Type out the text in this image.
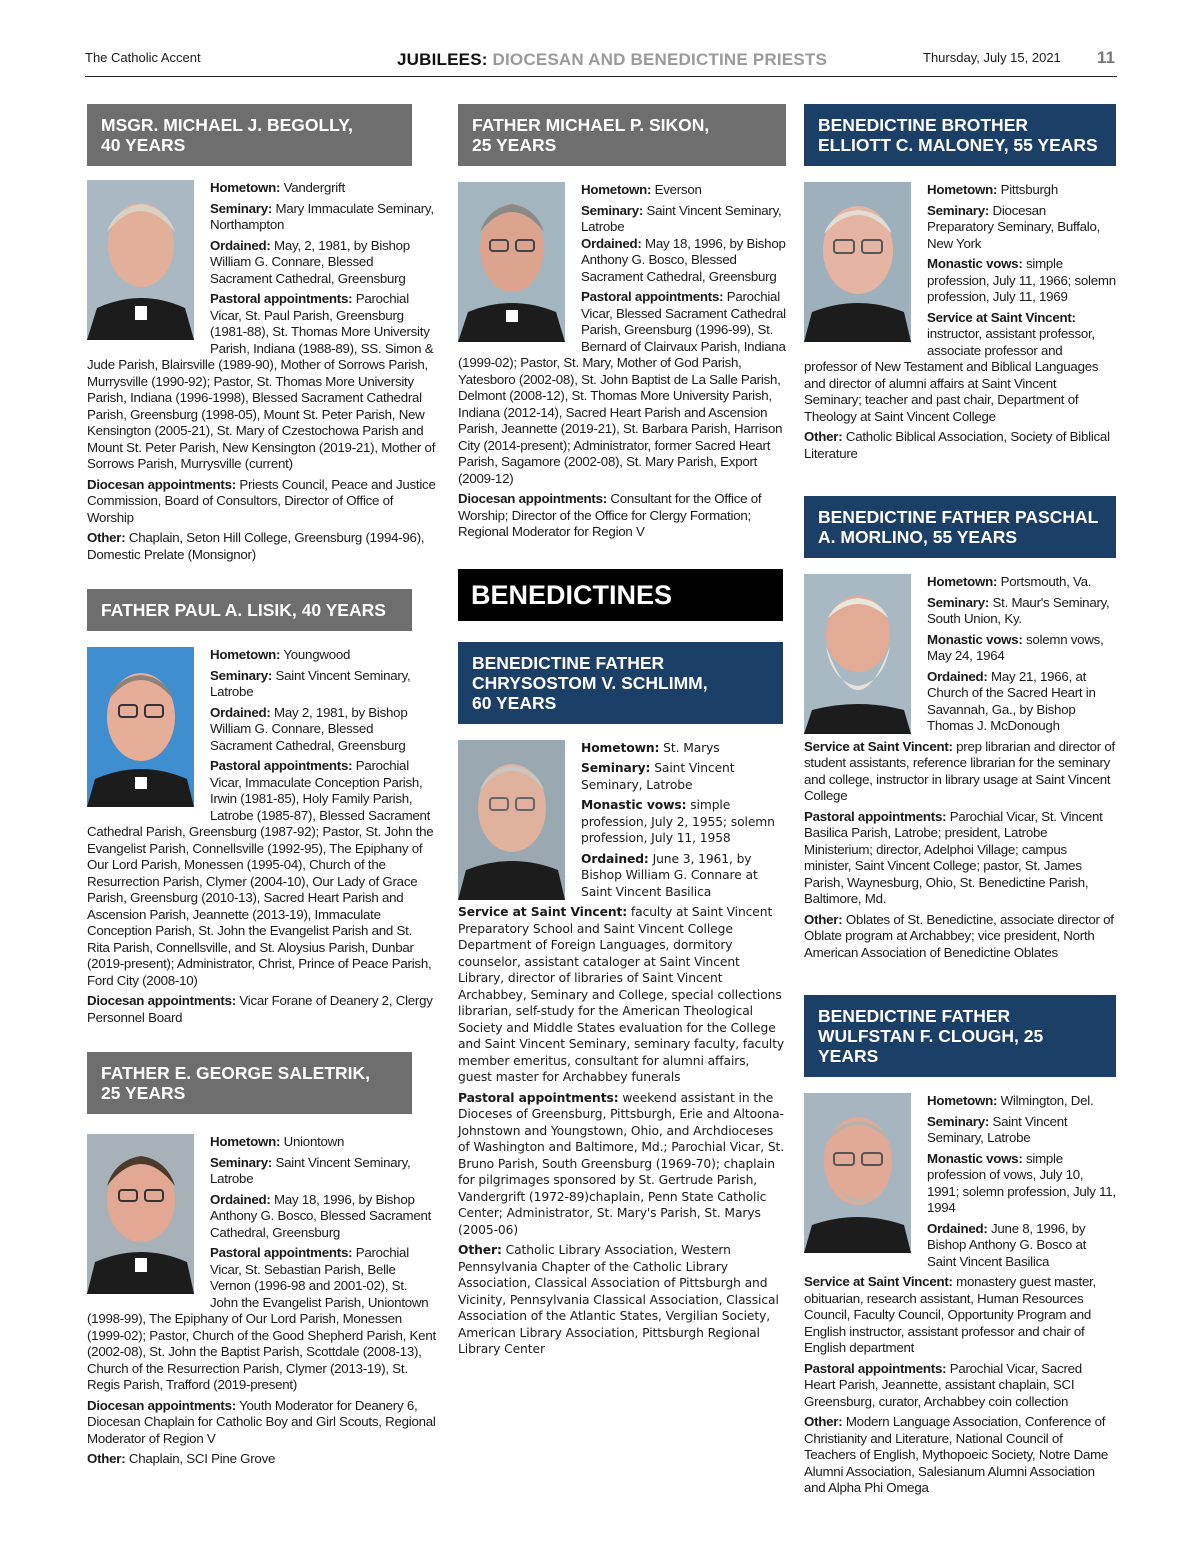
The Catholic Accent	JUBILEES: DIOCESAN AND BENEDICTINE PRIESTS	Thursday, July 15, 2021 11
MSGR. MICHAEL J. BEGOLLY,
40 YEARS

Hometown: Vandergrift

Seminary: Mary Immaculate Seminary, Northampton

Ordained: May, 2, 1981, by Bishop William G. Connare, Blessed Sacrament Cathedral, Greensburg

Pastoral appointments: Parochial Vicar, St. Paul Parish, Greensburg (1981-88), St. Thomas More University Parish, Indiana (1988-89), SS. Simon & Jude Parish, Blairsville (1989-90), Mother of Sorrows Parish, Murrysville (1990-92); Pastor, St. Thomas More University Parish, Indiana (1996-1998), Blessed Sacrament Cathedral Parish, Greensburg (1998-05), Mount St. Peter Parish, New Kensington (2005-21), St. Mary of Czestochowa Parish and Mount St. Peter Parish, New Kensington (2019-21), Mother of Sorrows Parish, Murrysville (current)

Diocesan appointments: Priests Council, Peace and Justice Commission, Board of Consultors, Director of Office of Worship

Other: Chaplain, Seton Hill College, Greensburg (1994-96), Domestic Prelate (Monsignor)

FATHER PAUL A. LISIK, 40 YEARS

Hometown: Youngwood

Seminary: Saint Vincent Seminary, Latrobe

Ordained: May 2, 1981, by Bishop William G. Connare, Blessed Sacrament Cathedral, Greensburg

Pastoral appointments: Parochial Vicar, Immaculate Conception Parish, Irwin (1981-85), Holy Family Parish, Latrobe (1985-87), Blessed Sacrament Cathedral Parish, Greensburg (1987-92); Pastor, St. John the Evangelist Parish, Connellsville (1992-95), The Epiphany of Our Lord Parish, Monessen (1995-04), Church of the Resurrection Parish, Clymer (2004-10), Our Lady of Grace Parish, Greensburg (2010-13), Sacred Heart Parish and Ascension Parish, Jeannette (2013-19), Immaculate Conception Parish, St. John the Evangelist Parish and St. Rita Parish, Connellsville, and St. Aloysius Parish, Dunbar (2019-present); Administrator, Christ, Prince of Peace Parish, Ford City (2008-10)

Diocesan appointments: Vicar Forane of Deanery 2, Clergy Personnel Board

FATHER E. GEORGE SALETRIK,
25 YEARS

Hometown: Uniontown

Seminary: Saint Vincent Seminary, Latrobe

Ordained: May 18, 1996, by Bishop Anthony G. Bosco, Blessed Sacrament Cathedral, Greensburg

Pastoral appointments: Parochial Vicar, St. Sebastian Parish, Belle Vernon (1996-98 and 2001-02), St. John the Evangelist Parish, Uniontown (1998-99), The Epiphany of Our Lord Parish, Monessen (1999-02); Pastor, Church of the Good Shepherd Parish, Kent (2002-08), St. John the Baptist Parish, Scottdale (2008-13), Church of the Resurrection Parish, Clymer (2013-19), St. Regis Parish, Trafford (2019-present)

Diocesan appointments: Youth Moderator for Deanery 6, Diocesan Chaplain for Catholic Boy and Girl Scouts, Regional Moderator of Region V

Other: Chaplain, SCI Pine Grove

FATHER MICHAEL P. SIKON,
25 YEARS

Hometown: Everson

Seminary: Saint Vincent Seminary, Latrobe

Ordained: May 18, 1996, by Bishop Anthony G. Bosco, Blessed Sacrament Cathedral, Greensburg

Pastoral appointments: Parochial Vicar, Blessed Sacrament Cathedral Parish, Greensburg (1996-99), St. Bernard of Clairvaux Parish, Indiana (1999-02); Pastor, St. Mary, Mother of God Parish, Yatesboro (2002-08), St. John Baptist de La Salle Parish, Delmont (2008-12), St. Thomas More University Parish, Indiana (2012-14), Sacred Heart Parish and Ascension Parish, Jeannette (2019-21), St. Barbara Parish, Harrison City (2014-present); Administrator, former Sacred Heart Parish, Sagamore (2002-08), St. Mary Parish, Export (2009-12)

Diocesan appointments: Consultant for the Office of Worship; Director of the Office for Clergy Formation; Regional Moderator for Region V

BENEDICTINES
BENEDICTINE FATHER
CHRYSOSTOM V. SCHLIMM,
60 YEARS

Hometown: St. Marys

Seminary: Saint Vincent Seminary, Latrobe

Monastic vows: simple profession, July 2, 1955; solemn profession, July 11, 1958

Ordained: June 3, 1961, by Bishop William G. Connare at Saint Vincent Basilica

Service at Saint Vincent: faculty at Saint Vincent Preparatory School and Saint Vincent College Department of Foreign Languages, dormitory counselor, assistant cataloger at Saint Vincent Library, director of libraries of Saint Vincent Archabbey, Seminary and College, special collections librarian, self-study for the American Theological Society and Middle States evaluation for the College and Saint Vincent Seminary, seminary faculty, faculty member emeritus, consultant for alumni affairs, guest master for Archabbey funerals

Pastoral appointments: weekend assistant in the Dioceses of Greensburg, Pittsburgh, Erie and Altoona-Johnstown and Youngstown, Ohio, and Archdioceses of Washington and Baltimore, Md.; Parochial Vicar, St. Bruno Parish, South Greensburg (1969-70); chaplain for pilgrimages sponsored by St. Gertrude Parish, Vandergrift (1972-89)chaplain, Penn State Catholic Center; Administrator, St. Mary's Parish, St. Marys (2005-06)

Other: Catholic Library Association, Western Pennsylvania Chapter of the Catholic Library Association, Classical Association of Pittsburgh and Vicinity, Pennsylvania Classical Association, Classical Association of the Atlantic States, Vergilian Society, American Library Association, Pittsburgh Regional Library Center

BENEDICTINE BROTHER
ELLIOTT C. MALONEY, 55 YEARS

Hometown: Pittsburgh

Seminary: Diocesan Preparatory Seminary, Buffalo, New York

Monastic vows: simple profession, July 11, 1966; solemn profession, July 11, 1969

Service at Saint Vincent: instructor, assistant professor, associate professor and professor of New Testament and Biblical Languages and director of alumni affairs at Saint Vincent Seminary; teacher and past chair, Department of Theology at Saint Vincent College

Other: Catholic Biblical Association, Society of Biblical Literature

BENEDICTINE FATHER PASCHAL
A. MORLINO, 55 YEARS

Hometown: Portsmouth, Va.

Seminary: St. Maur's Seminary, South Union, Ky.

Monastic vows: solemn vows, May 24, 1964

Ordained: May 21, 1966, at Church of the Sacred Heart in Savannah, Ga., by Bishop Thomas J. McDonough

Service at Saint Vincent: prep librarian and director of student assistants, reference librarian for the seminary and college, instructor in library usage at Saint Vincent College

Pastoral appointments: Parochial Vicar, St. Vincent Basilica Parish, Latrobe; president, Latrobe Ministerium; director, Adelphoi Village; campus minister, Saint Vincent College; pastor, St. James Parish, Waynesburg, Ohio, St. Benedictine Parish, Baltimore, Md.

Other: Oblates of St. Benedictine, associate director of Oblate program at Archabbey; vice president, North American Association of Benedictine Oblates

BENEDICTINE FATHER
WULFSTAN F. CLOUGH, 25 YEARS

Hometown: Wilmington, Del.

Seminary: Saint Vincent Seminary, Latrobe

Monastic vows: simple profession of vows, July 10, 1991; solemn profession, July 11, 1994

Ordained: June 8, 1996, by Bishop Anthony G. Bosco at Saint Vincent Basilica

Service at Saint Vincent: monastery guest master, obituarian, research assistant, Human Resources Council, Faculty Council, Opportunity Program and English instructor, assistant professor and chair of English department

Pastoral appointments: Parochial Vicar, Sacred Heart Parish, Jeannette, assistant chaplain, SCI Greensburg, curator, Archabbey coin collection

Other: Modern Language Association, Conference of Christianity and Literature, National Council of Teachers of English, Mythopoeic Society, Notre Dame Alumni Association, Salesianum Alumni Association and Alpha Phi Omega
